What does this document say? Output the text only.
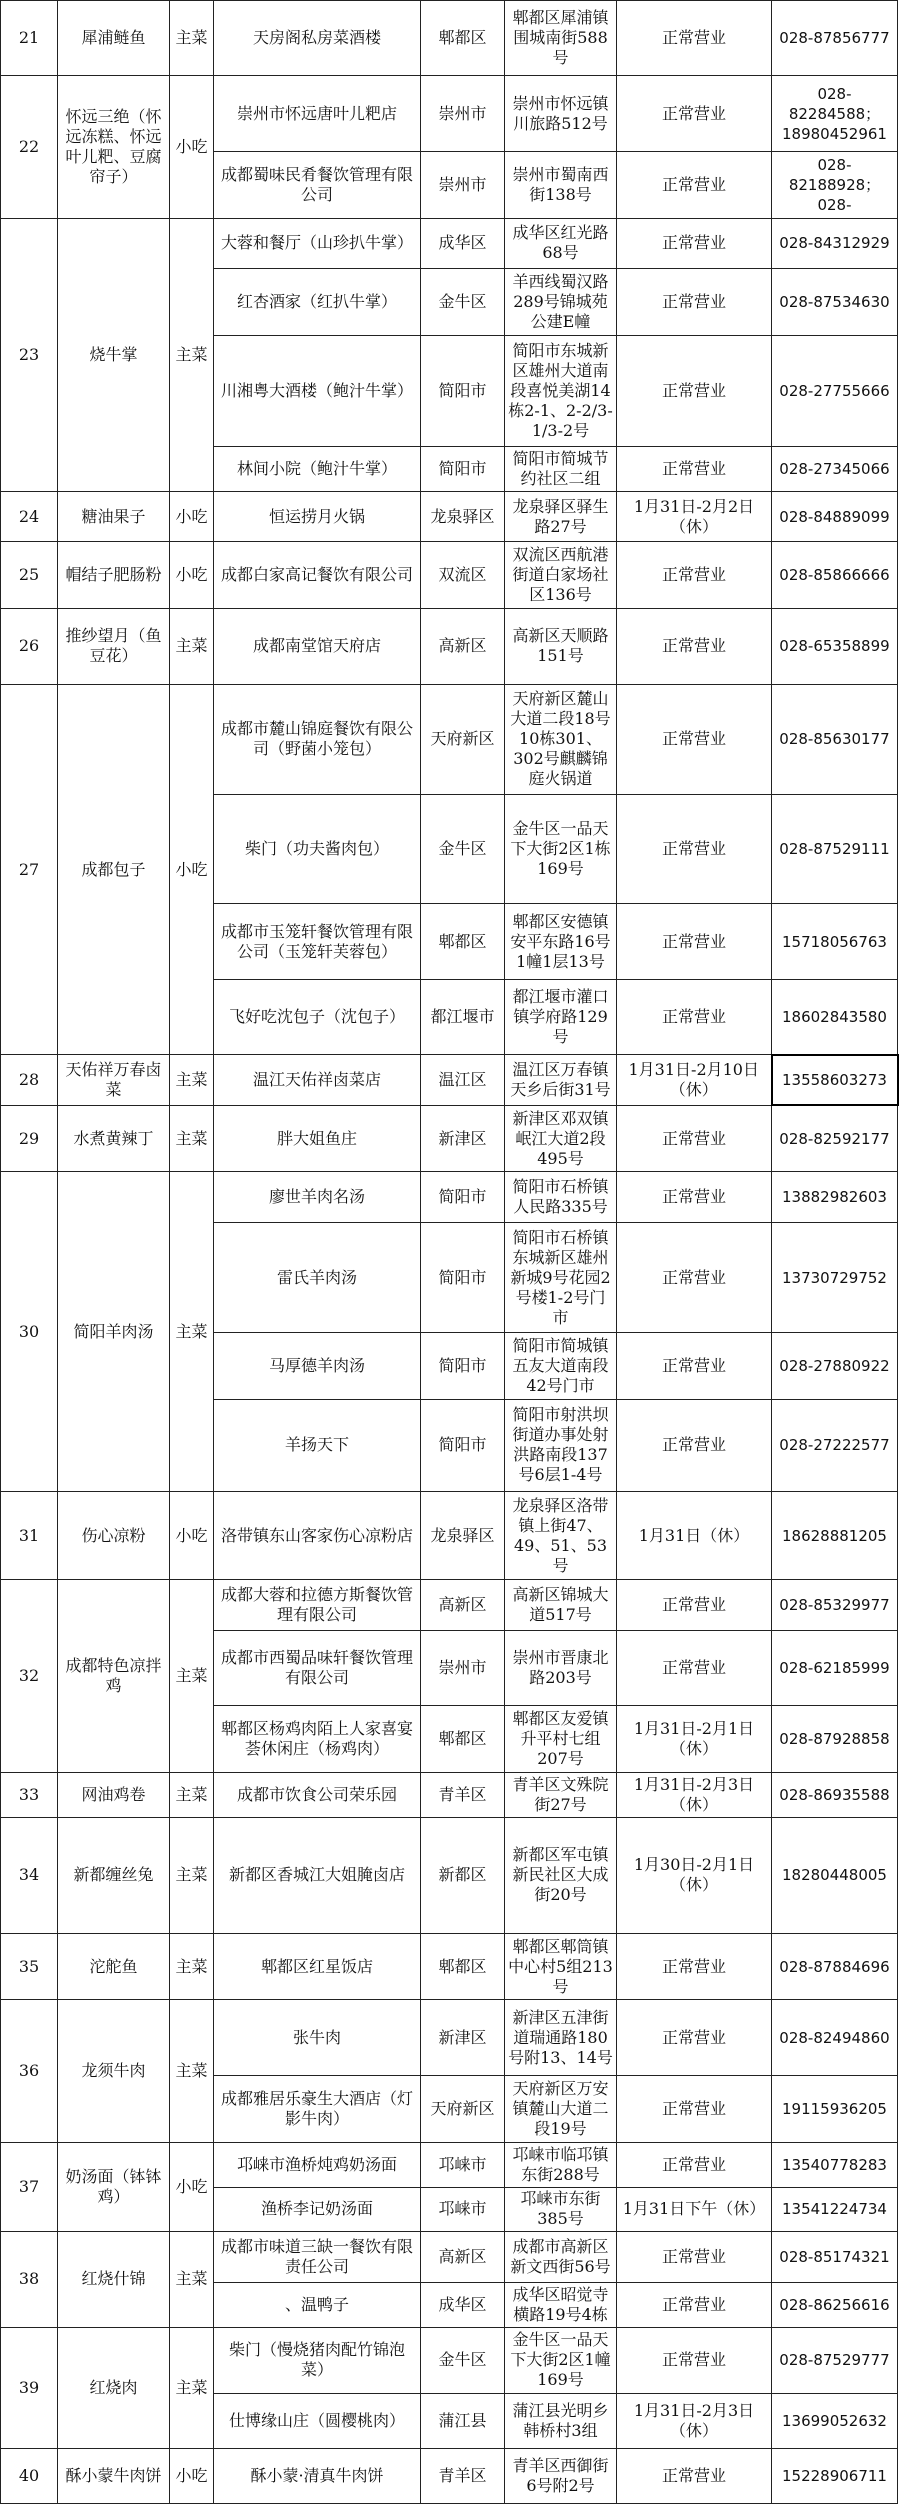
21	犀浦鲢鱼	主菜	天房阁私房菜酒楼	郫都区	郫都区犀浦镇围城南街588号	正常营业	028-87856777
22	怀远三绝（怀远冻糕、怀远叶儿粑、豆腐帘子）	小吃	崇州市怀远唐叶儿粑店	崇州市	崇州市怀远镇川旅路512号	正常营业	028-82284588；18980452961
			成都蜀味民肴餐饮管理有限公司	崇州市	崇州市蜀南西街138号	正常营业	028-82188928；028-
23	烧牛掌	主菜	大蓉和餐厅（山珍扒牛掌）	成华区	成华区红光路68号	正常营业	028-84312929
			红杏酒家（红扒牛掌）	金牛区	羊西线蜀汉路289号锦城苑公建E幢	正常营业	028-87534630
			川湘粤大酒楼（鲍汁牛掌）	简阳市	简阳市东城新区雄州大道南段喜悦美湖14栋2-1、2-2/3-1/3-2号	正常营业	028-27755666
			林间小院（鲍汁牛掌）	简阳市	简阳市简城节约社区二组	正常营业	028-27345066
24	糖油果子	小吃	恒运捞月火锅	龙泉驿区	龙泉驿区驿生路27号	1月31日-2月2日（休）	028-84889099
25	帽结子肥肠粉	小吃	成都白家高记餐饮有限公司	双流区	双流区西航港街道白家场社区136号	正常营业	028-85866666
26	推纱望月（鱼豆花）	主菜	成都南堂馆天府店	高新区	高新区天顺路151号	正常营业	028-65358899
27	成都包子	小吃	成都市麓山锦庭餐饮有限公司（野菌小笼包）	天府新区	天府新区麓山大道二段18号10栋301、302号麒麟锦庭火锅道	正常营业	028-85630177
			柴门（功夫酱肉包）	金牛区	金牛区一品天下大街2区1栋169号	正常营业	028-87529111
			成都市玉笼轩餐饮管理有限公司（玉笼轩芙蓉包）	郫都区	郫都区安德镇安平东路16号1幢1层13号	正常营业	15718056763
			飞好吃沈包子（沈包子）	都江堰市	都江堰市灌口镇学府路129号	正常营业	18602843580
28	天佑祥万春卤菜	主菜	温江天佑祥卤菜店	温江区	温江区万春镇天乡后街31号	1月31日-2月10日（休）	13558603273
29	水煮黄辣丁	主菜	胖大姐鱼庄	新津区	新津区邓双镇岷江大道2段495号	正常营业	028-82592177
30	简阳羊肉汤	主菜	廖世羊肉名汤	简阳市	简阳市石桥镇人民路335号	正常营业	13882982603
			雷氏羊肉汤	简阳市	简阳市石桥镇东城新区雄州新城9号花园2号楼1-2号门市	正常营业	13730729752
			马厚德羊肉汤	简阳市	简阳市简城镇五友大道南段42号门市	正常营业	028-27880922
			羊扬天下	简阳市	简阳市射洪坝街道办事处射洪路南段137号6层1-4号	正常营业	028-27222577
31	伤心凉粉	小吃	洛带镇东山客家伤心凉粉店	龙泉驿区	龙泉驿区洛带镇上街47、49、51、53号	1月31日（休）	18628881205
32	成都特色凉拌鸡	主菜	成都大蓉和拉德方斯餐饮管理有限公司	高新区	高新区锦城大道517号	正常营业	028-85329977
			成都市西蜀品味轩餐饮管理有限公司	崇州市	崇州市晋康北路203号	正常营业	028-62185999
			郫都区杨鸡肉陌上人家喜宴荟休闲庄（杨鸡肉）	郫都区	郫都区友爱镇升平村七组207号	1月31日-2月1日（休）	028-87928858
33	网油鸡卷	主菜	成都市饮食公司荣乐园	青羊区	青羊区文殊院街27号	1月31日-2月3日（休）	028-86935588
34	新都缠丝兔	主菜	新都区香城江大姐腌卤店	新都区	新都区军屯镇新民社区大成街20号	1月30日-2月1日（休）	18280448005
35	沱舵鱼	主菜	郫都区红星饭店	郫都区	郫都区郫筒镇中心村5组213号	正常营业	028-87884696
36	龙须牛肉	主菜	张牛肉	新津区	新津区五津街道瑞通路180号附13、14号	正常营业	028-82494860
			成都雅居乐豪生大酒店（灯影牛肉）	天府新区	天府新区万安镇麓山大道二段19号	正常营业	19115936205
37	奶汤面（钵钵鸡）	小吃	邛崃市渔桥炖鸡奶汤面	邛崃市	邛崃市临邛镇东街288号	正常营业	13540778283
			渔桥李记奶汤面	邛崃市	邛崃市东街385号	1月31日下午（休）	13541224734
38	红烧什锦	主菜	成都市味道三缺一餐饮有限责任公司	高新区	成都市高新区新文西街56号	正常营业	028-85174321
			、温鸭子	成华区	成华区昭觉寺横路19号4栋	正常营业	028-86256616
39	红烧肉	主菜	柴门（慢烧猪肉配竹锦泡菜）	金牛区	金牛区一品天下大街2区1幢169号	正常营业	028-87529777
			仕博缘山庄（圆樱桃肉）	蒲江县	蒲江县光明乡韩桥村3组	1月31日-2月3日（休）	13699052632
40	酥小蒙牛肉饼	小吃	酥小蒙·清真牛肉饼	青羊区	青羊区西御街6号附2号	正常营业	15228906711
